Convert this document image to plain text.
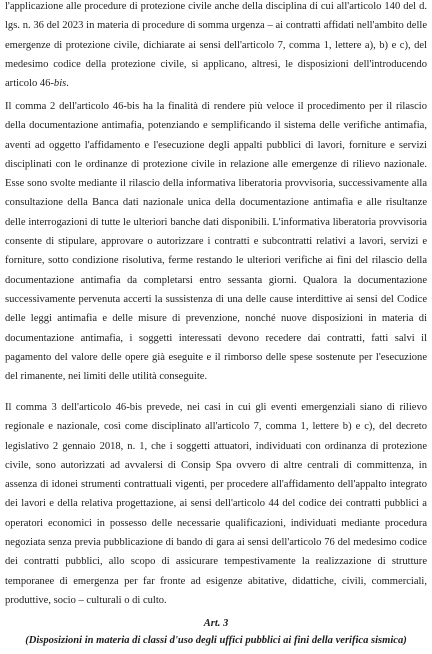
l'applicazione alle procedure di protezione civile anche della disciplina di cui all'articolo 140 del d. lgs. n. 36 del 2023 in materia di procedure di somma urgenza – ai contratti affidati nell'ambito delle emergenze di protezione civile, dichiarate ai sensi dell'articolo 7, comma 1, lettere a), b) e c), del medesimo codice della protezione civile, si applicano, altresì, le disposizioni dell'introducendo articolo 46-bis.

Il comma 2 dell'articolo 46-bis ha la finalità di rendere più veloce il procedimento per il rilascio della documentazione antimafia, potenziando e semplificando il sistema delle verifiche antimafia, aventi ad oggetto l'affidamento e l'esecuzione degli appalti pubblici di lavori, forniture e servizi disciplinati con le ordinanze di protezione civile in relazione alle emergenze di rilievo nazionale. Esse sono svolte mediante il rilascio della informativa liberatoria provvisoria, successivamente alla consultazione della Banca dati nazionale unica della documentazione antimafia e alle risultanze delle interrogazioni di tutte le ulteriori banche dati disponibili. L'informativa liberatoria provvisoria consente di stipulare, approvare o autorizzare i contratti e subcontratti relativi a lavori, servizi e forniture, sotto condizione risolutiva, ferme restando le ulteriori verifiche ai fini del rilascio della documentazione antimafia da completarsi entro sessanta giorni. Qualora la documentazione successivamente pervenuta accerti la sussistenza di una delle cause interdittive ai sensi del Codice delle leggi antimafia e delle misure di prevenzione, nonché nuove disposizioni in materia di documentazione antimafia, i soggetti interessati devono recedere dai contratti, fatti salvi il pagamento del valore delle opere già eseguite e il rimborso delle spese sostenute per l'esecuzione del rimanente, nei limiti delle utilità conseguite.

Il comma 3 dell'articolo 46-bis prevede, nei casi in cui gli eventi emergenziali siano di rilievo regionale e nazionale, così come disciplinato all'articolo 7, comma 1, lettere b) e c), del decreto legislativo 2 gennaio 2018, n. 1, che i soggetti attuatori, individuati con ordinanza di protezione civile, sono autorizzati ad avvalersi di Consip Spa ovvero di altre centrali di committenza, in assenza di idonei strumenti contrattuali vigenti, per procedere all'affidamento dell'appalto integrato dei lavori e della relativa progettazione, ai sensi dell'articolo 44 del codice dei contratti pubblici a operatori economici in possesso delle necessarie qualificazioni, individuati mediante procedura negoziata senza previa pubblicazione di bando di gara ai sensi dell'articolo 76 del medesimo codice dei contratti pubblici, allo scopo di assicurare tempestivamente la realizzazione di strutture temporanee di emergenza per far fronte ad esigenze abitative, didattiche, civili, commerciali, produttive, socio – culturali o di culto.

Art. 3
(Disposizioni in materia di classi d'uso degli uffici pubblici ai fini della verifica sismica)
